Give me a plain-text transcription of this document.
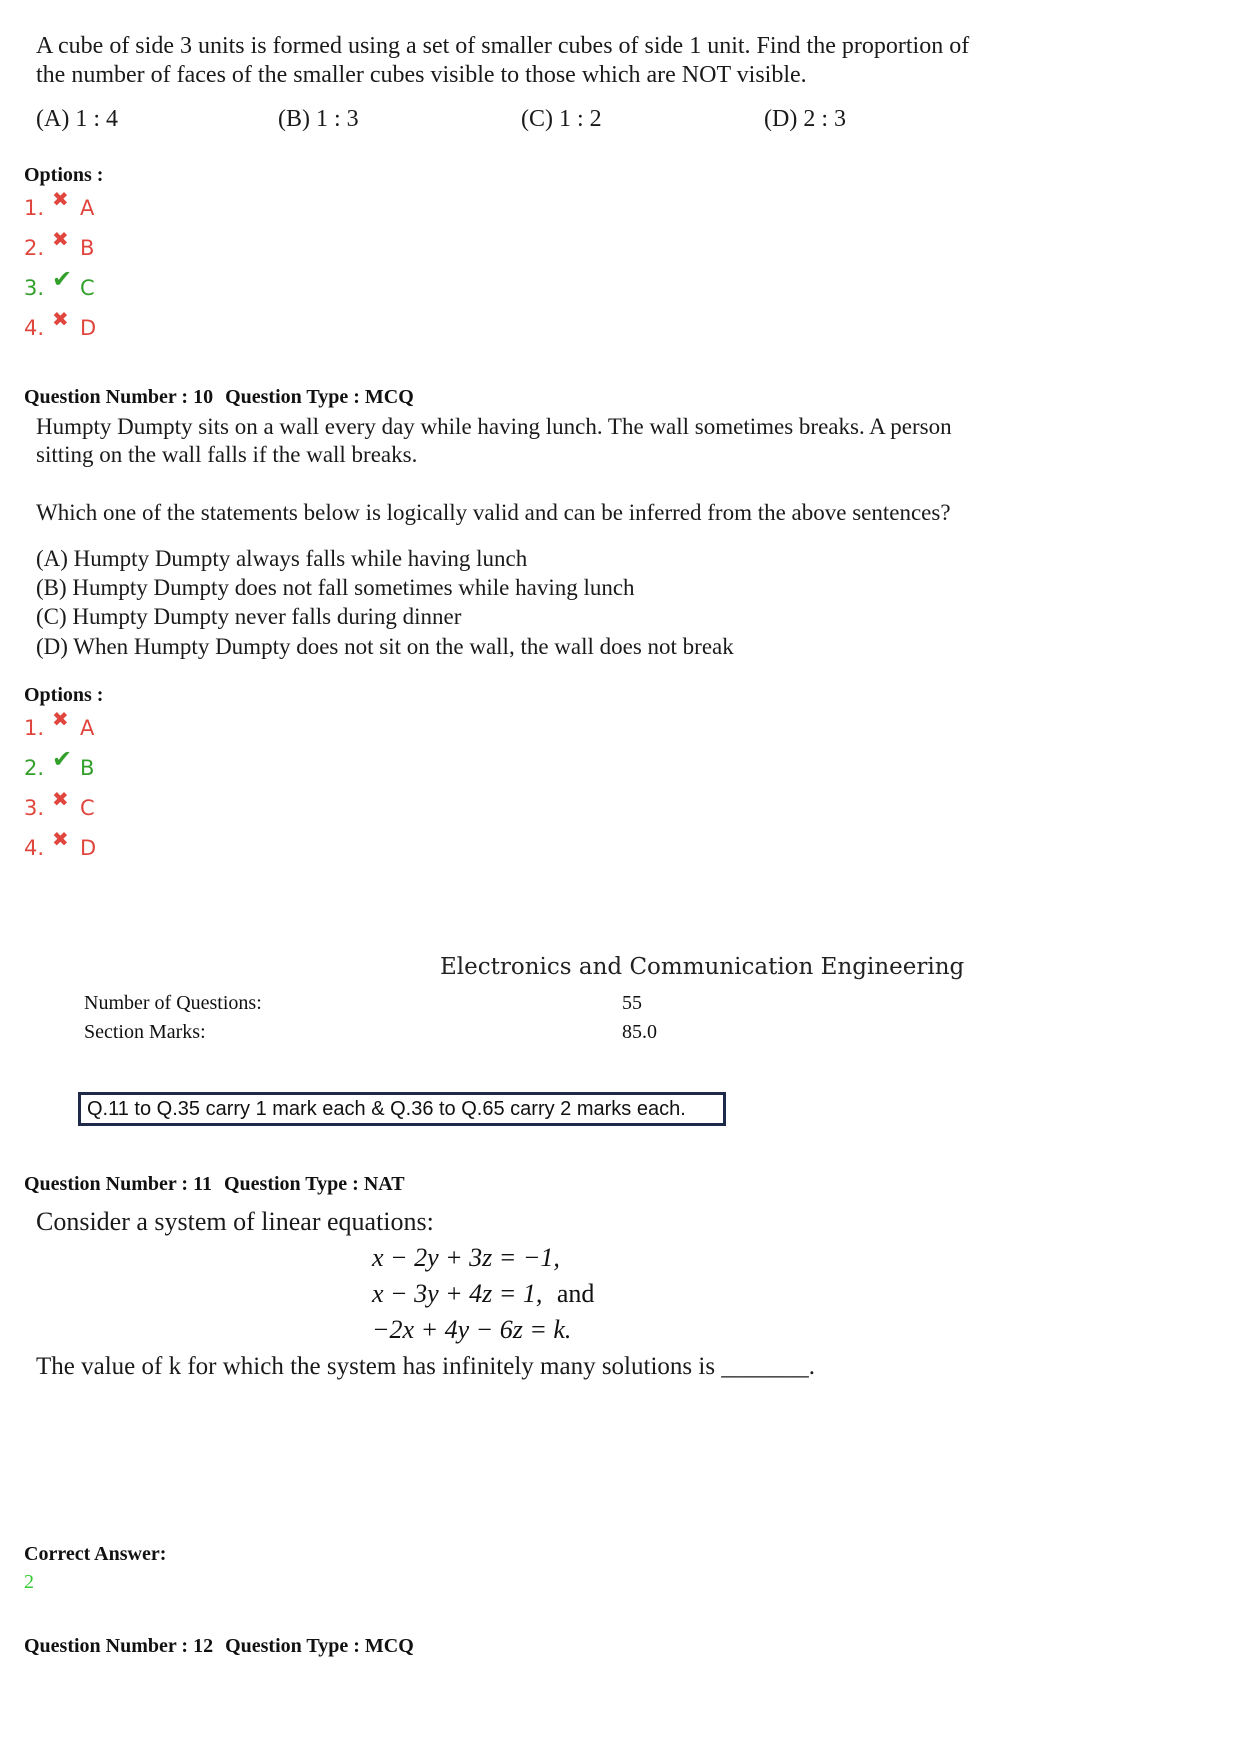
A cube of side 3 units is formed using a set of smaller cubes of side 1 unit. Find the proportion of
the number of faces of the smaller cubes visible to those which are NOT visible.
(A) 1 : 4	(B) 1 : 3	(C) 1 : 2	(D) 2 : 3
Options :
1. ✖ A
2. ✖ B
3. ✔ C
4. ✖ D
Question Number : 10 Question Type : MCQ
Humpty Dumpty sits on a wall every day while having lunch. The wall sometimes breaks. A person
sitting on the wall falls if the wall breaks.
Which one of the statements below is logically valid and can be inferred from the above sentences?
(A) Humpty Dumpty always falls while having lunch
(B) Humpty Dumpty does not fall sometimes while having lunch
(C) Humpty Dumpty never falls during dinner
(D) When Humpty Dumpty does not sit on the wall, the wall does not break
Options :
1. ✖ A
2. ✔ B
3. ✖ C
4. ✖ D
Electronics and Communication Engineering
Number of Questions:	55
Section Marks:	85.0
Q.11 to Q.35 carry 1 mark each & Q.36 to Q.65 carry 2 marks each.
Question Number : 11 Question Type : NAT
Consider a system of linear equations:
x − 2y + 3z = −1,
x − 3y + 4z = 1, and
−2x + 4y − 6z = k.
The value of k for which the system has infinitely many solutions is _______.
Correct Answer:
2
Question Number : 12 Question Type : MCQ
